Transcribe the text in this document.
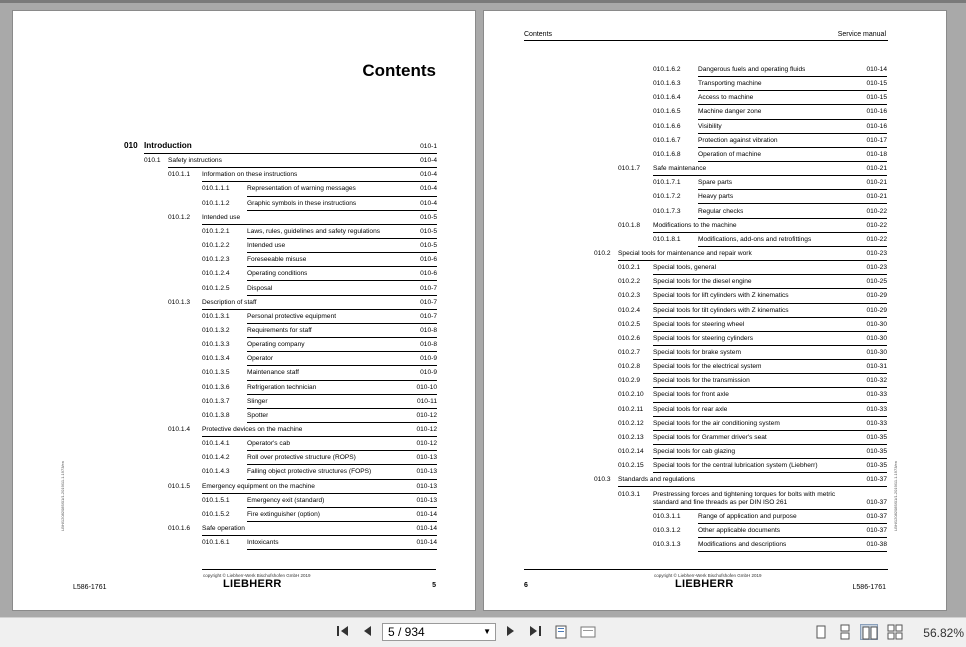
Contents
010 Introduction	010-1
010.1 Safety instructions	010-4
010.1.1 Information on these instructions	010-4
010.1.1.1	Representation of warning messages	010-4
010.1.1.2	Graphic symbols in these instructions	010-4
010.1.2 Intended use	010-5
010.1.2.1	Laws, rules, guidelines and safety regulations	010-5
010.1.2.2	Intended use	010-5
010.1.2.3	Foreseeable misuse	010-6
010.1.2.4	Operating conditions	010-6
010.1.2.5	Disposal	010-7
010.1.3 Description of staff	010-7
010.1.3.1	Personal protective equipment	010-7
010.1.3.2	Requirements for staff	010-8
010.1.3.3	Operating company	010-8
010.1.3.4	Operator	010-9
010.1.3.5	Maintenance staff	010-9
010.1.3.6	Refrigeration technician	010-10
010.1.3.7	Slinger	010-11
010.1.3.8	Spotter	010-12
010.1.4 Protective devices on the machine	010-12
010.1.4.1	Operator's cab	010-12
010.1.4.2	Roll over protective structure (ROPS)	010-13
010.1.4.3	Falling object protective structures (FOPS)	010-13
010.1.5 Emergency equipment on the machine	010-13
010.1.5.1	Emergency exit (standard)	010-13
010.1.5.2	Fire extinguisher (option)	010-14
010.1.6 Safe operation	010-14
010.1.6.1	Intoxicants	010-14
LBH/12082085/01/1-2019/11.1.1973/en
copyright © Liebherr-Werk Bischofshofen GmbH 2019
LIEBHERR
L586-1761	5
Contents	Service manual
010.1.6.2	Dangerous fuels and operating fluids	010-14
010.1.6.3	Transporting machine	010-15
010.1.6.4	Access to machine	010-15
010.1.6.5	Machine danger zone	010-16
010.1.6.6	Visibility	010-16
010.1.6.7	Protection against vibration	010-17
010.1.6.8	Operation of machine	010-18
010.1.7 Safe maintenance	010-21
010.1.7.1	Spare parts	010-21
010.1.7.2	Heavy parts	010-21
010.1.7.3	Regular checks	010-22
010.1.8 Modifications to the machine	010-22
010.1.8.1	Modifications, add-ons and retrofittings	010-22
010.2 Special tools for maintenance and repair work	010-23
010.2.1 Special tools, general	010-23
010.2.2 Special tools for the diesel engine	010-25
010.2.3 Special tools for lift cylinders with Z kinematics	010-29
010.2.4 Special tools for tilt cylinders with Z kinematics	010-29
010.2.5 Special tools for steering wheel	010-30
010.2.6 Special tools for steering cylinders	010-30
010.2.7 Special tools for brake system	010-30
010.2.8 Special tools for the electrical system	010-31
010.2.9 Special tools for the transmission	010-32
010.2.10 Special tools for front axle	010-33
010.2.11 Special tools for rear axle	010-33
010.2.12 Special tools for the air conditioning system	010-33
010.2.13 Special tools for Grammer driver's seat	010-35
010.2.14 Special tools for cab glazing	010-35
010.2.15 Special tools for the central lubrication system (Liebherr)	010-35
010.3 Standards and regulations	010-37
010.3.1 Prestressing forces and tightening torques for bolts with metric standard and fine threads as per DIN ISO 261	010-37
010.3.1.1	Range of application and purpose	010-37
010.3.1.2	Other applicable documents	010-37
010.3.1.3	Modifications and descriptions	010-38
LBH/12082085/01/1-2019/11.1.1973/en
copyright © Liebherr-Werk Bischofshofen GmbH 2019
LIEBHERR
6	L586-1761
5 / 934	▼	56.82%
